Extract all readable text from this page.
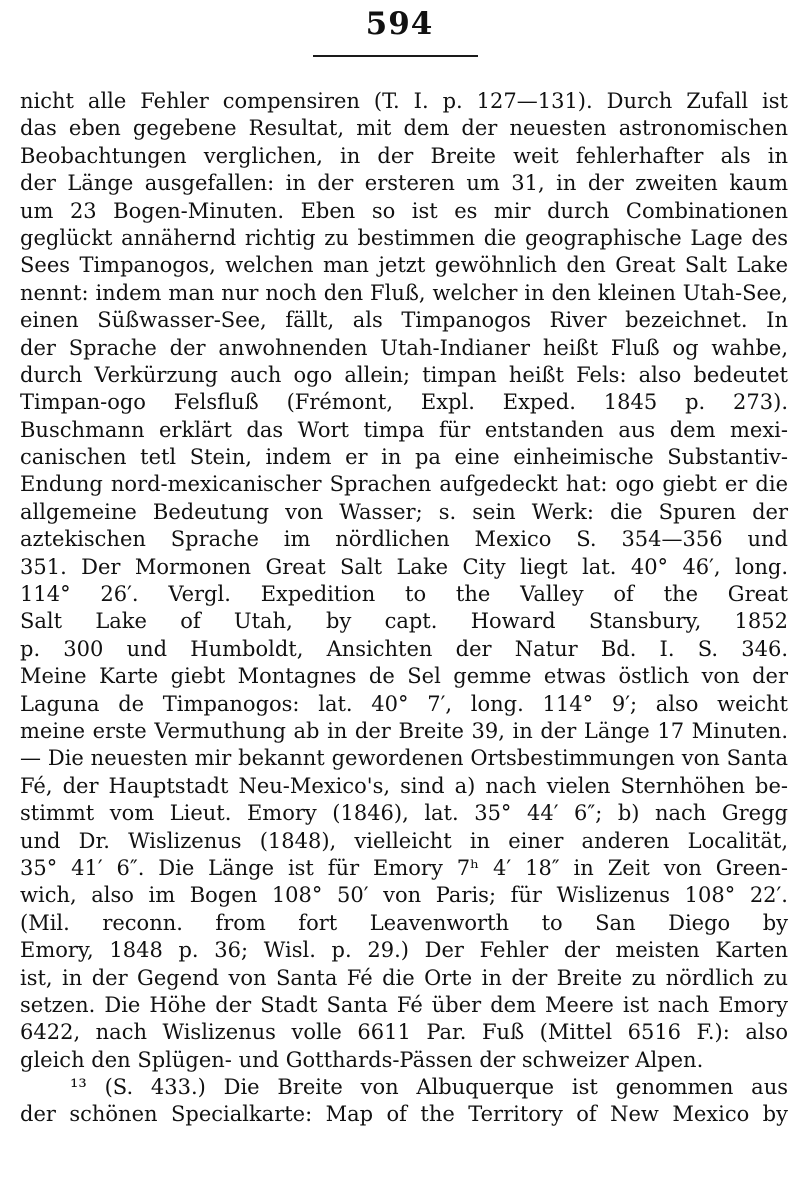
594
nicht alle Fehler compensiren (T. I. p. 127—131). Durch Zufall ist
das eben gegebene Resultat, mit dem der neuesten astronomischen
Beobachtungen verglichen, in der Breite weit fehlerhafter als in
der Länge ausgefallen: in der ersteren um 31, in der zweiten kaum
um 23 Bogen-Minuten. Eben so ist es mir durch Combinationen
geglückt annähernd richtig zu bestimmen die geographische Lage des
Sees Timpanogos, welchen man jetzt gewöhnlich den Great Salt Lake
nennt: indem man nur noch den Fluß, welcher in den kleinen Utah-See,
einen Süßwasser-See, fällt, als Timpanogos River bezeichnet. In
der Sprache der anwohnenden Utah-Indianer heißt Fluß og wahbe,
durch Verkürzung auch ogo allein; timpan heißt Fels: also bedeutet
Timpan-ogo Felsfluß (Frémont, Expl. Exped. 1845 p. 273).
Buschmann erklärt das Wort timpa für entstanden aus dem mexi-
canischen tetl Stein, indem er in pa eine einheimische Substantiv-
Endung nord-mexicanischer Sprachen aufgedeckt hat: ogo giebt er die
allgemeine Bedeutung von Wasser; s. sein Werk: die Spuren der
aztekischen Sprache im nördlichen Mexico S. 354—356 und
351. Der Mormonen Great Salt Lake City liegt lat. 40° 46′, long.
114° 26′. Vergl. Expedition to the Valley of the Great
Salt Lake of Utah, by capt. Howard Stansbury, 1852
p. 300 und Humboldt, Ansichten der Natur Bd. I. S. 346.
Meine Karte giebt Montagnes de Sel gemme etwas östlich von der
Laguna de Timpanogos: lat. 40° 7′, long. 114° 9′; also weicht
meine erste Vermuthung ab in der Breite 39, in der Länge 17 Minuten.
— Die neuesten mir bekannt gewordenen Ortsbestimmungen von Santa
Fé, der Hauptstadt Neu-Mexico's, sind a) nach vielen Sternhöhen be-
stimmt vom Lieut. Emory (1846), lat. 35° 44′ 6″; b) nach Gregg
und Dr. Wislizenus (1848), vielleicht in einer anderen Localität,
35° 41′ 6″. Die Länge ist für Emory 7ʰ 4′ 18″ in Zeit von Green-
wich, also im Bogen 108° 50′ von Paris; für Wislizenus 108° 22′.
(Mil. reconn. from fort Leavenworth to San Diego by
Emory, 1848 p. 36; Wisl. p. 29.) Der Fehler der meisten Karten
ist, in der Gegend von Santa Fé die Orte in der Breite zu nördlich zu
setzen. Die Höhe der Stadt Santa Fé über dem Meere ist nach Emory
6422, nach Wislizenus volle 6611 Par. Fuß (Mittel 6516 F.): also
gleich den Splügen- und Gotthards-Pässen der schweizer Alpen.
¹³ (S. 433.) Die Breite von Albuquerque ist genommen aus
der schönen Specialkarte: Map of the Territory of New Mexico by
